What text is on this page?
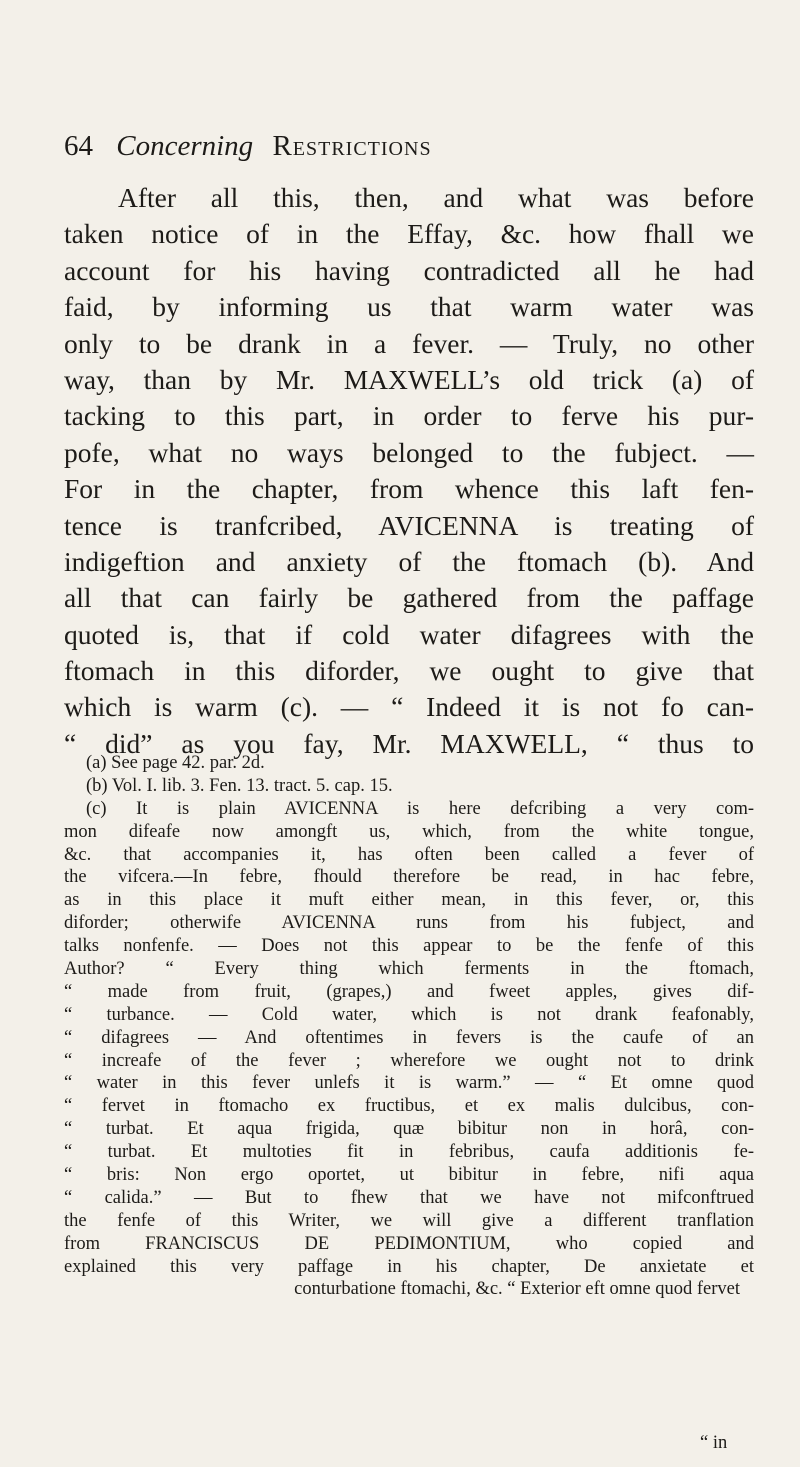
64 Concerning Restrictions
After all this, then, and what was before
taken notice of in the Effay, &c. how fhall we
account for his having contradicted all he had
faid, by informing us that warm water was
only to be drank in a fever. — Truly, no other
way, than by Mr. MAXWELL’s old trick (a) of
tacking to this part, in order to ferve his pur-
pofe, what no ways belonged to the fubject. —
For in the chapter, from whence this laft fen-
tence is tranfcribed, AVICENNA is treating of
indigeftion and anxiety of the ftomach (b). And
all that can fairly be gathered from the paffage
quoted is, that if cold water difagrees with the
ftomach in this diforder, we ought to give that
which is warm (c). — “ Indeed it is not fo can-
“ did” as you fay, Mr. MAXWELL, “ thus to
(a) See page 42. par. 2d.
(b) Vol. I. lib. 3. Fen. 13. tract. 5. cap. 15.
(c) It is plain AVICENNA is here defcribing a very com-
mon difeafe now amongft us, which, from the white tongue,
&c. that accompanies it, has often been called a fever of
the vifcera.—In febre, fhould therefore be read, in hac febre,
as in this place it muft either mean, in this fever, or, this
diforder; otherwife AVICENNA runs from his fubject, and
talks nonfenfe. — Does not this appear to be the fenfe of this
Author? “ Every thing which ferments in the ftomach,
“ made from fruit, (grapes,) and fweet apples, gives dif-
“ turbance. — Cold water, which is not drank feafonably,
“ difagrees — And oftentimes in fevers is the caufe of an
“ increafe of the fever ; wherefore we ought not to drink
“ water in this fever unlefs it is warm.” — “ Et omne quod
“ fervet in ftomacho ex fructibus, et ex malis dulcibus, con-
“ turbat. Et aqua frigida, quæ bibitur non in horâ, con-
“ turbat. Et multoties fit in febribus, caufa additionis fe-
“ bris: Non ergo oportet, ut bibitur in febre, nifi aqua
“ calida.” — But to fhew that we have not mifconftrued
the fenfe of this Writer, we will give a different tranflation
from FRANCISCUS DE PEDIMONTIUM, who copied and
explained this very paffage in his chapter, De anxietate et
conturbatione ftomachi, &c. “ Exterior eft omne quod fervet
“ in
